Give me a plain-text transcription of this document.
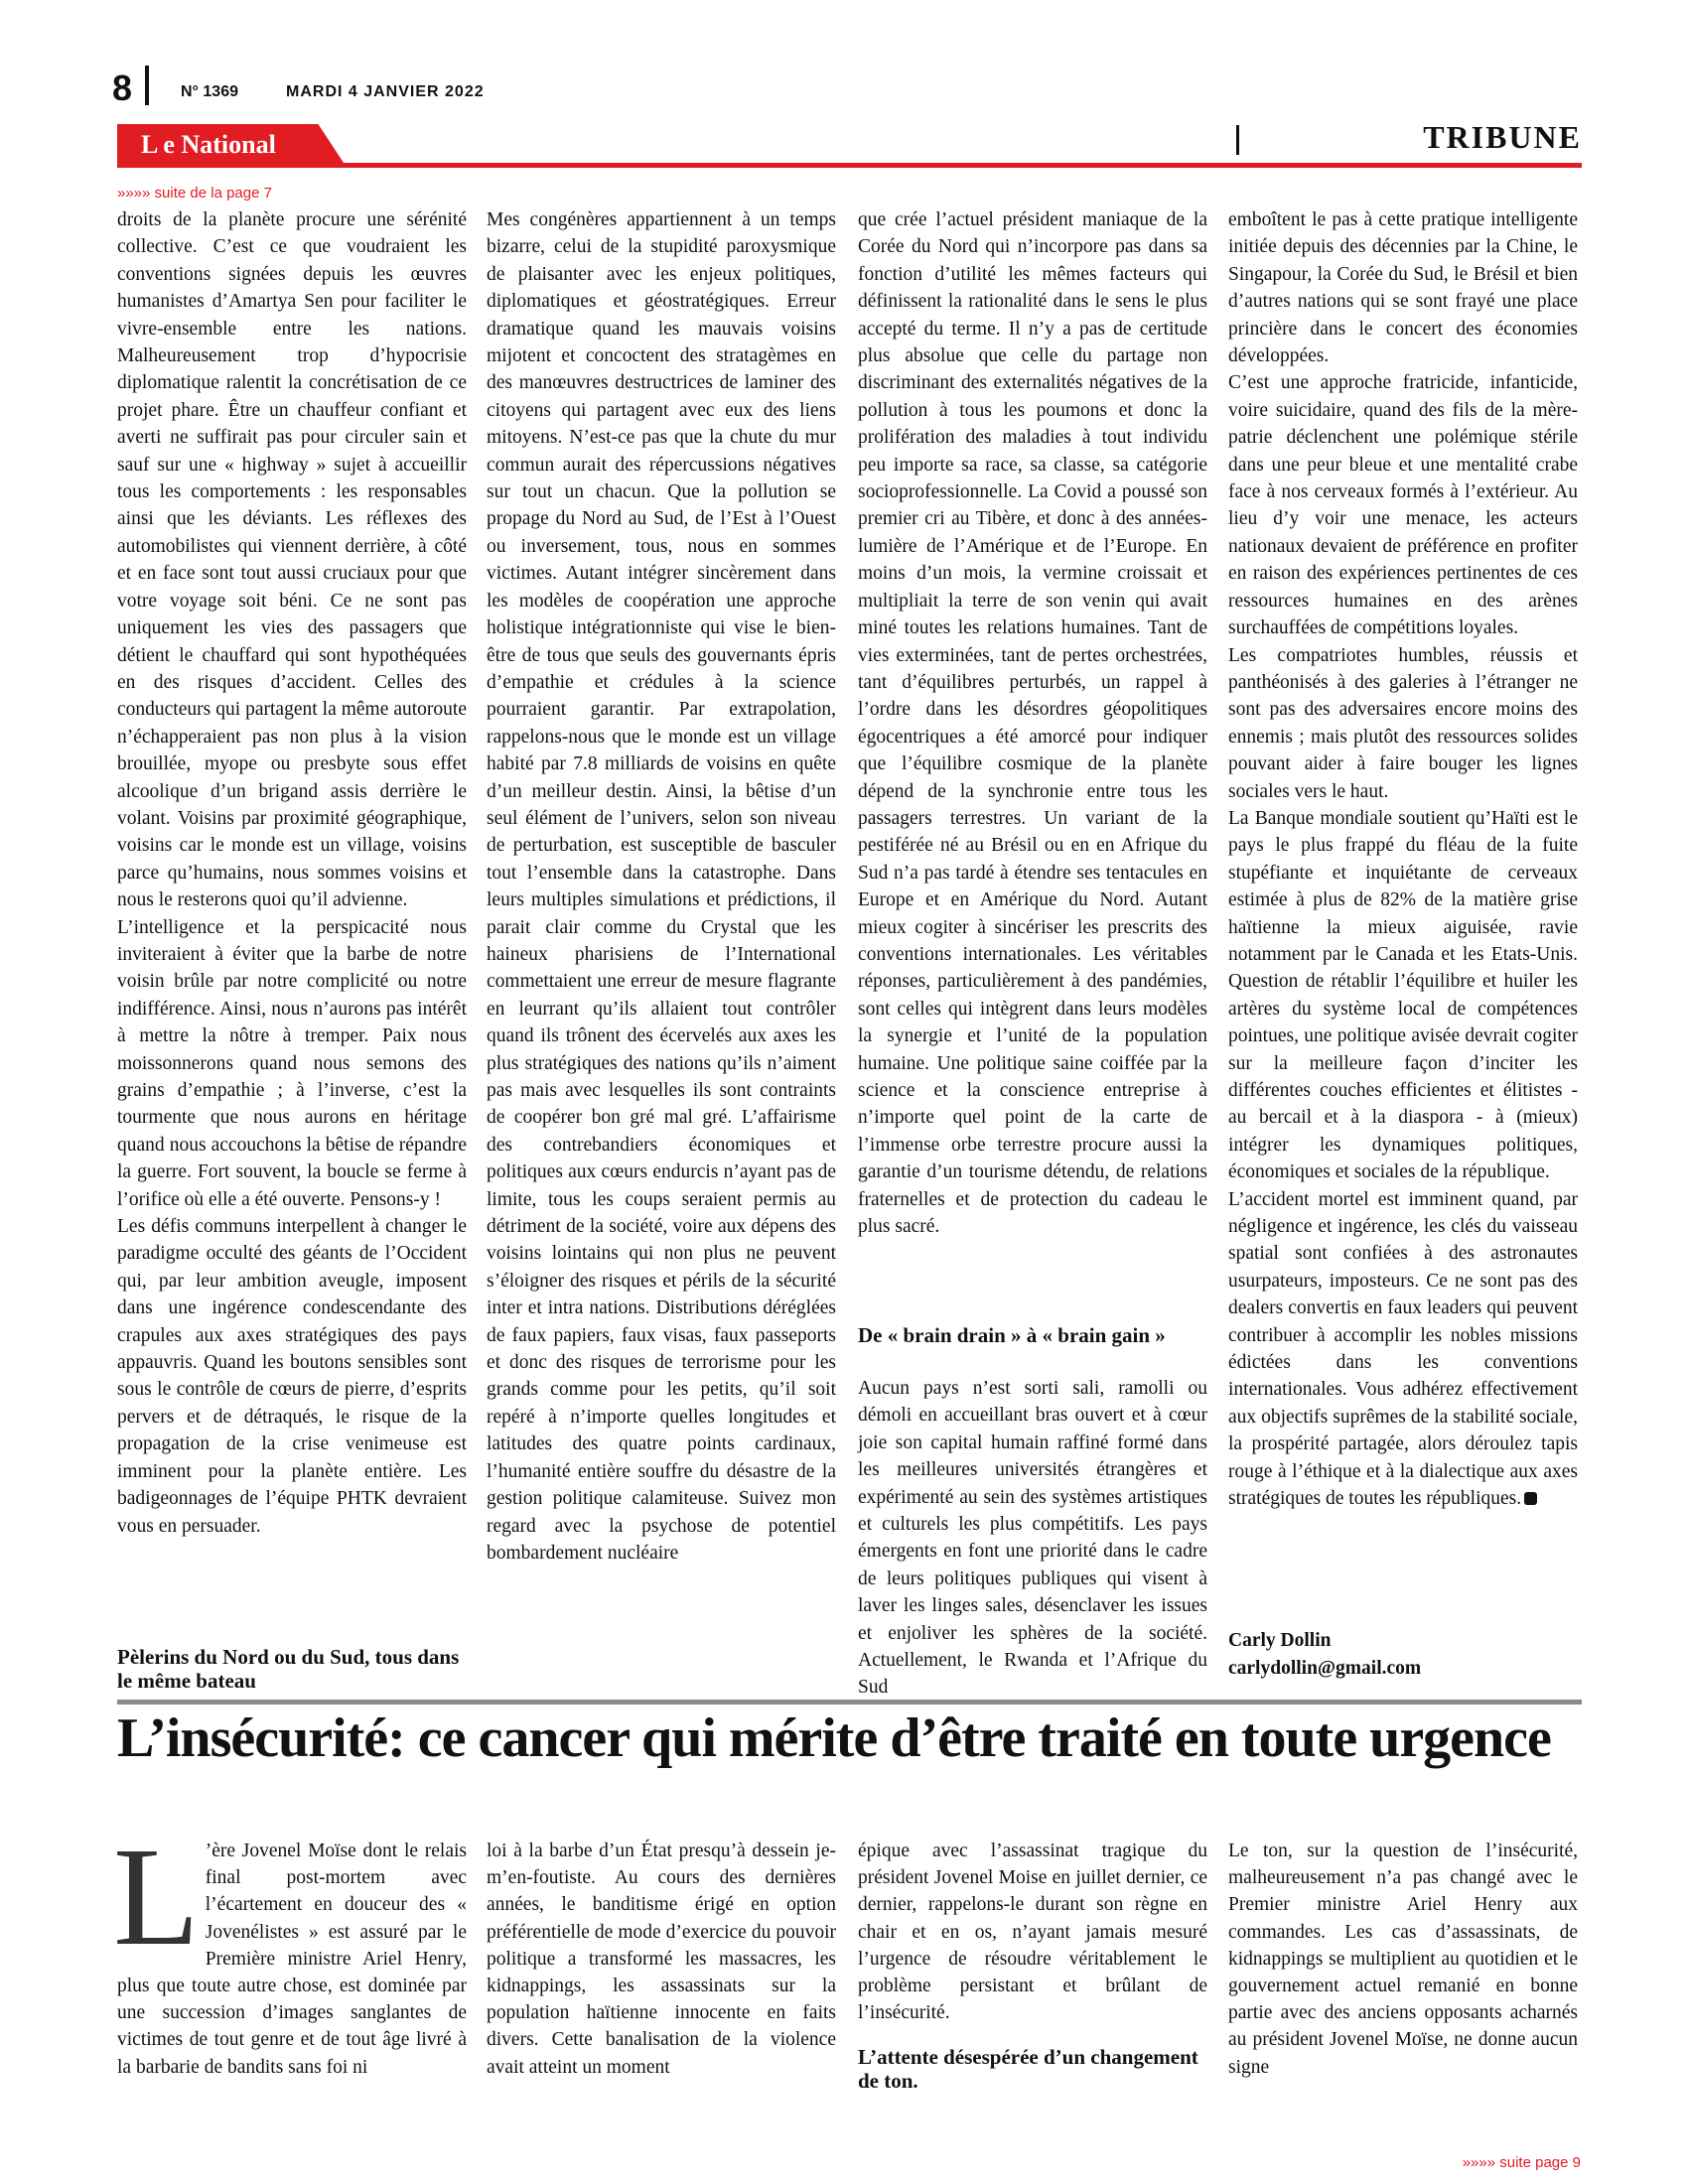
8	N° 1369	MARDI 4 JANVIER 2022
L e National	TRIBUNE
»»»» suite de la page 7

droits de la planète procure une sérénité collective. C’est ce que voudraient les conventions signées depuis les œuvres humanistes d’Amartya Sen pour faciliter le vivre-ensemble entre les nations. Malheureusement trop d’hypocrisie diplomatique ralentit la concrétisation de ce projet phare. Être un chauffeur confiant et averti ne suffirait pas pour circuler sain et sauf sur une « highway » sujet à accueillir tous les comportements : les responsables ainsi que les déviants. Les réflexes des automobilistes qui viennent derrière, à côté et en face sont tout aussi cruciaux pour que votre voyage soit béni. Ce ne sont pas uniquement les vies des passagers que détient le chauffard qui sont hypothéquées en des risques d’accident. Celles des conducteurs qui partagent la même autoroute n’échapperaient pas non plus à la vision brouillée, myope ou presbyte sous effet alcoolique d’un brigand assis derrière le volant. Voisins par proximité géographique, voisins car le monde est un village, voisins parce qu’humains, nous sommes voisins et nous le resterons quoi qu’il advienne.

L’intelligence et la perspicacité nous inviteraient à éviter que la barbe de notre voisin brûle par notre complicité ou notre indifférence. Ainsi, nous n’aurons pas intérêt à mettre la nôtre à tremper. Paix nous moissonnerons quand nous semons des grains d’empathie ; à l’inverse, c’est la tourmente que nous aurons en héritage quand nous accouchons la bêtise de répandre la guerre. Fort souvent, la boucle se ferme à l’orifice où elle a été ouverte. Pensons-y !

Les défis communs interpellent à changer le paradigme occulté des géants de l’Occident qui, par leur ambition aveugle, imposent dans une ingérence condescendante des crapules aux axes stratégiques des pays appauvris. Quand les boutons sensibles sont sous le contrôle de cœurs de pierre, d’esprits pervers et de détraqués, le risque de la propagation de la crise venimeuse est imminent pour la planète entière. Les badigeonnages de l’équipe PHTK devraient vous en persuader.

Pèlerins du Nord ou du Sud, tous dans le même bateau

Mes congénères appartiennent à un temps bizarre, celui de la stupidité paroxysmique de plaisanter avec les enjeux politiques, diplomatiques et géostratégiques. Erreur dramatique quand les mauvais voisins mijotent et concoctent des stratagèmes en des manœuvres destructrices de laminer des citoyens qui partagent avec eux des liens mitoyens. N’est-ce pas que la chute du mur commun aurait des répercussions négatives sur tout un chacun. Que la pollution se propage du Nord au Sud, de l’Est à l’Ouest ou inversement, tous, nous en sommes victimes. Autant intégrer sincèrement dans les modèles de coopération une approche holistique intégrationniste qui vise le bien-être de tous que seuls des gouvernants épris d’empathie et crédules à la science pourraient garantir. Par extrapolation, rappelons-nous que le monde est un village habité par 7.8 milliards de voisins en quête d’un meilleur destin. Ainsi, la bêtise d’un seul élément de l’univers, selon son niveau de perturbation, est susceptible de basculer tout l’ensemble dans la catastrophe. Dans leurs multiples simulations et prédictions, il parait clair comme du Crystal que les haineux pharisiens de l’International commettaient une erreur de mesure flagrante en leurrant qu’ils allaient tout contrôler quand ils trônent des écervelés aux axes les plus stratégiques des nations qu’ils n’aiment pas mais avec lesquelles ils sont contraints de coopérer bon gré mal gré. L’affairisme des contrebandiers économiques et politiques aux cœurs endurcis n’ayant pas de limite, tous les coups seraient permis au détriment de la société, voire aux dépens des voisins lointains qui non plus ne peuvent s’éloigner des risques et périls de la sécurité inter et intra nations. Distributions déréglées de faux papiers, faux visas, faux passeports et donc des risques de terrorisme pour les grands comme pour les petits, qu’il soit repéré à n’importe quelles longitudes et latitudes des quatre points cardinaux, l’humanité entière souffre du désastre de la gestion politique calamiteuse. Suivez mon regard avec la psychose de potentiel bombardement nucléaire

que crée l’actuel président maniaque de la Corée du Nord qui n’incorpore pas dans sa fonction d’utilité les mêmes facteurs qui définissent la rationalité dans le sens le plus accepté du terme. Il n’y a pas de certitude plus absolue que celle du partage non discriminant des externalités négatives de la pollution à tous les poumons et donc la prolifération des maladies à tout individu peu importe sa race, sa classe, sa catégorie socioprofessionnelle. La Covid a poussé son premier cri au Tibère, et donc à des années-lumière de l’Amérique et de l’Europe. En moins d’un mois, la vermine croissait et multipliait la terre de son venin qui avait miné toutes les relations humaines. Tant de vies exterminées, tant de pertes orchestrées, tant d’équilibres perturbés, un rappel à l’ordre dans les désordres géopolitiques égocentriques a été amorcé pour indiquer que l’équilibre cosmique de la planète dépend de la synchronie entre tous les passagers terrestres. Un variant de la pestiférée né au Brésil ou en en Afrique du Sud n’a pas tardé à étendre ses tentacules en Europe et en Amérique du Nord. Autant mieux cogiter à sincériser les prescrits des conventions internationales. Les véritables réponses, particulièrement à des pandémies, sont celles qui intègrent dans leurs modèles la synergie et l’unité de la population humaine. Une politique saine coiffée par la science et la conscience entreprise à n’importe quel point de la carte de l’immense orbe terrestre procure aussi la garantie d’un tourisme détendu, de relations fraternelles et de protection du cadeau le plus sacré.

De « brain drain » à « brain gain »

Aucun pays n’est sorti sali, ramolli ou démoli en accueillant bras ouvert et à cœur joie son capital humain raffiné formé dans les meilleures universités étrangères et expérimenté au sein des systèmes artistiques et culturels les plus compétitifs. Les pays émergents en font une priorité dans le cadre de leurs politiques publiques qui visent à laver les linges sales, désenclaver les issues et enjoliver les sphères de la société. Actuellement, le Rwanda et l’Afrique du Sud

emboîtent le pas à cette pratique intelligente initiée depuis des décennies par la Chine, le Singapour, la Corée du Sud, le Brésil et bien d’autres nations qui se sont frayé une place princière dans le concert des économies développées.

C’est une approche fratricide, infanticide, voire suicidaire, quand des fils de la mère-patrie déclenchent une polémique stérile dans une peur bleue et une mentalité crabe face à nos cerveaux formés à l’extérieur. Au lieu d’y voir une menace, les acteurs nationaux devaient de préférence en profiter en raison des expériences pertinentes de ces ressources humaines en des arènes surchauffées de compétitions loyales.

Les compatriotes humbles, réussis et panthéonisés à des galeries à l’étranger ne sont pas des adversaires encore moins des ennemis ; mais plutôt des ressources solides pouvant aider à faire bouger les lignes sociales vers le haut.

La Banque mondiale soutient qu’Haïti est le pays le plus frappé du fléau de la fuite stupéfiante et inquiétante de cerveaux estimée à plus de 82% de la matière grise haïtienne la mieux aiguisée, ravie notamment par le Canada et les Etats-Unis. Question de rétablir l’équilibre et huiler les artères du système local de compétences pointues, une politique avisée devrait cogiter sur la meilleure façon d’inciter les différentes couches efficientes et élitistes - au bercail et à la diaspora - à (mieux) intégrer les dynamiques politiques, économiques et sociales de la république.

L’accident mortel est imminent quand, par négligence et ingérence, les clés du vaisseau spatial sont confiées à des astronautes usurpateurs, imposteurs. Ce ne sont pas des dealers convertis en faux leaders qui peuvent contribuer à accomplir les nobles missions édictées dans les conventions internationales. Vous adhérez effectivement aux objectifs suprêmes de la stabilité sociale, la prospérité partagée, alors déroulez tapis rouge à l’éthique et à la dialectique aux axes stratégiques de toutes les républiques.

Carly Dollin
carlydollin@gmail.com
L’insécurité: ce cancer qui mérite d’être traité en toute urgence
L ’ère Jovenel Moïse dont le relais final post-mortem avec l’écartement en douceur des « Jovenélistes » est assuré par le Première ministre Ariel Henry, plus que toute autre chose, est dominée par une succession d’images sanglantes de victimes de tout genre et de tout âge livré à la barbarie de bandits sans foi ni
loi à la barbe d’un État presqu’à dessein je-m’en-foutiste. Au cours des dernières années, le banditisme érigé en option préférentielle de mode d’exercice du pouvoir politique a transformé les massacres, les kidnappings, les assassinats sur la population haïtienne innocente en faits divers. Cette banalisation de la violence avait atteint un moment
épique avec l’assassinat tragique du président Jovenel Moise en juillet dernier, ce dernier, rappelons-le durant son règne en chair et en os, n’ayant jamais mesuré l’urgence de résoudre véritablement le problème persistant et brûlant de l’insécurité.
L’attente désespérée d’un changement de ton.
Le ton, sur la question de l’insécurité, malheureusement n’a pas changé avec le Premier ministre Ariel Henry aux commandes. Les cas d’assassinats, de kidnappings se multiplient au quotidien et le gouvernement actuel remanié en bonne partie avec des anciens opposants acharnés au président Jovenel Moïse, ne donne aucun signe
»»»» suite page 9
